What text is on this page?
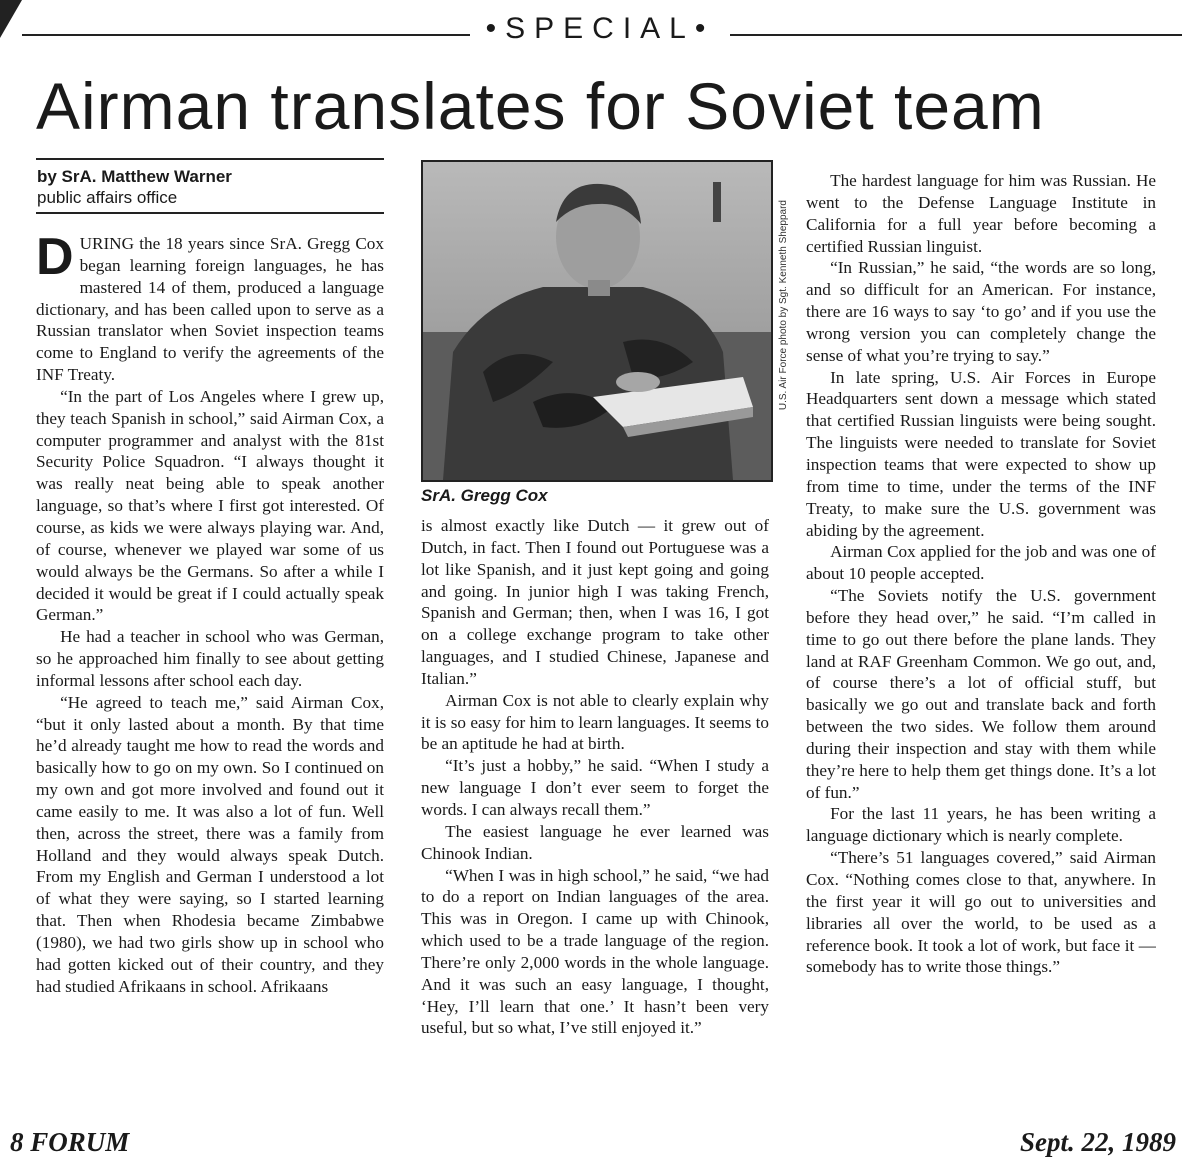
•SPECIAL•
Airman translates for Soviet team
by SrA. Matthew Warner
public affairs office

DURING the 18 years since SrA. Gregg Cox began learning foreign languages, he has mastered 14 of them, produced a language dictionary, and has been called upon to serve as a Russian translator when Soviet inspection teams come to England to verify the agreements of the INF Treaty.

“In the part of Los Angeles where I grew up, they teach Spanish in school,” said Airman Cox, a computer programmer and analyst with the 81st Security Police Squadron. “I always thought it was really neat being able to speak another language, so that’s where I first got interested. Of course, as kids we were always playing war. And, of course, whenever we played war some of us would always be the Germans. So after a while I decided it would be great if I could actually speak German.”

He had a teacher in school who was German, so he approached him finally to see about getting informal lessons after school each day.

“He agreed to teach me,” said Airman Cox, “but it only lasted about a month. By that time he’d already taught me how to read the words and basically how to go on my own. So I continued on my own and got more involved and found out it came easily to me. It was also a lot of fun. Well then, across the street, there was a family from Holland and they would always speak Dutch. From my English and German I understood a lot of what they were saying, so I started learning that. Then when Rhodesia became Zimbabwe (1980), we had two girls show up in school who had gotten kicked out of their country, and they had studied Afrikaans in school. Afrikaans

U.S. Air Force photo by Sgt. Kenneth Sheppard
SrA. Gregg Cox

is almost exactly like Dutch — it grew out of Dutch, in fact. Then I found out Portuguese was a lot like Spanish, and it just kept going and going and going. In junior high I was taking French, Spanish and German; then, when I was 16, I got on a college exchange program to take other languages, and I studied Chinese, Japanese and Italian.”

Airman Cox is not able to clearly explain why it is so easy for him to learn languages. It seems to be an aptitude he had at birth.

“It’s just a hobby,” he said. “When I study a new language I don’t ever seem to forget the words. I can always recall them.”

The easiest language he ever learned was Chinook Indian.

“When I was in high school,” he said, “we had to do a report on Indian languages of the area. This was in Oregon. I came up with Chinook, which used to be a trade language of the region. There’re only 2,000 words in the whole language. And it was such an easy language, I thought, ‘Hey, I’ll learn that one.’ It hasn’t been very useful, but so what, I’ve still enjoyed it.”

The hardest language for him was Russian. He went to the Defense Language Institute in California for a full year before becoming a certified Russian linguist.

“In Russian,” he said, “the words are so long, and so difficult for an American. For instance, there are 16 ways to say ‘to go’ and if you use the wrong version you can completely change the sense of what you’re trying to say.”

In late spring, U.S. Air Forces in Europe Headquarters sent down a message which stated that certified Russian linguists were being sought. The linguists were needed to translate for Soviet inspection teams that were expected to show up from time to time, under the terms of the INF Treaty, to make sure the U.S. government was abiding by the agreement.

Airman Cox applied for the job and was one of about 10 people accepted.

“The Soviets notify the U.S. government before they head over,” he said. “I’m called in time to go out there before the plane lands. They land at RAF Greenham Common. We go out, and, of course there’s a lot of official stuff, but basically we go out and translate back and forth between the two sides. We follow them around during their inspection and stay with them while they’re here to help them get things done. It’s a lot of fun.”

For the last 11 years, he has been writing a language dictionary which is nearly complete.

“There’s 51 languages covered,” said Airman Cox. “Nothing comes close to that, anywhere. In the first year it will go out to universities and libraries all over the world, to be used as a reference book. It took a lot of work, but face it — somebody has to write those things.”

8 FORUM	Sept. 22, 1989
